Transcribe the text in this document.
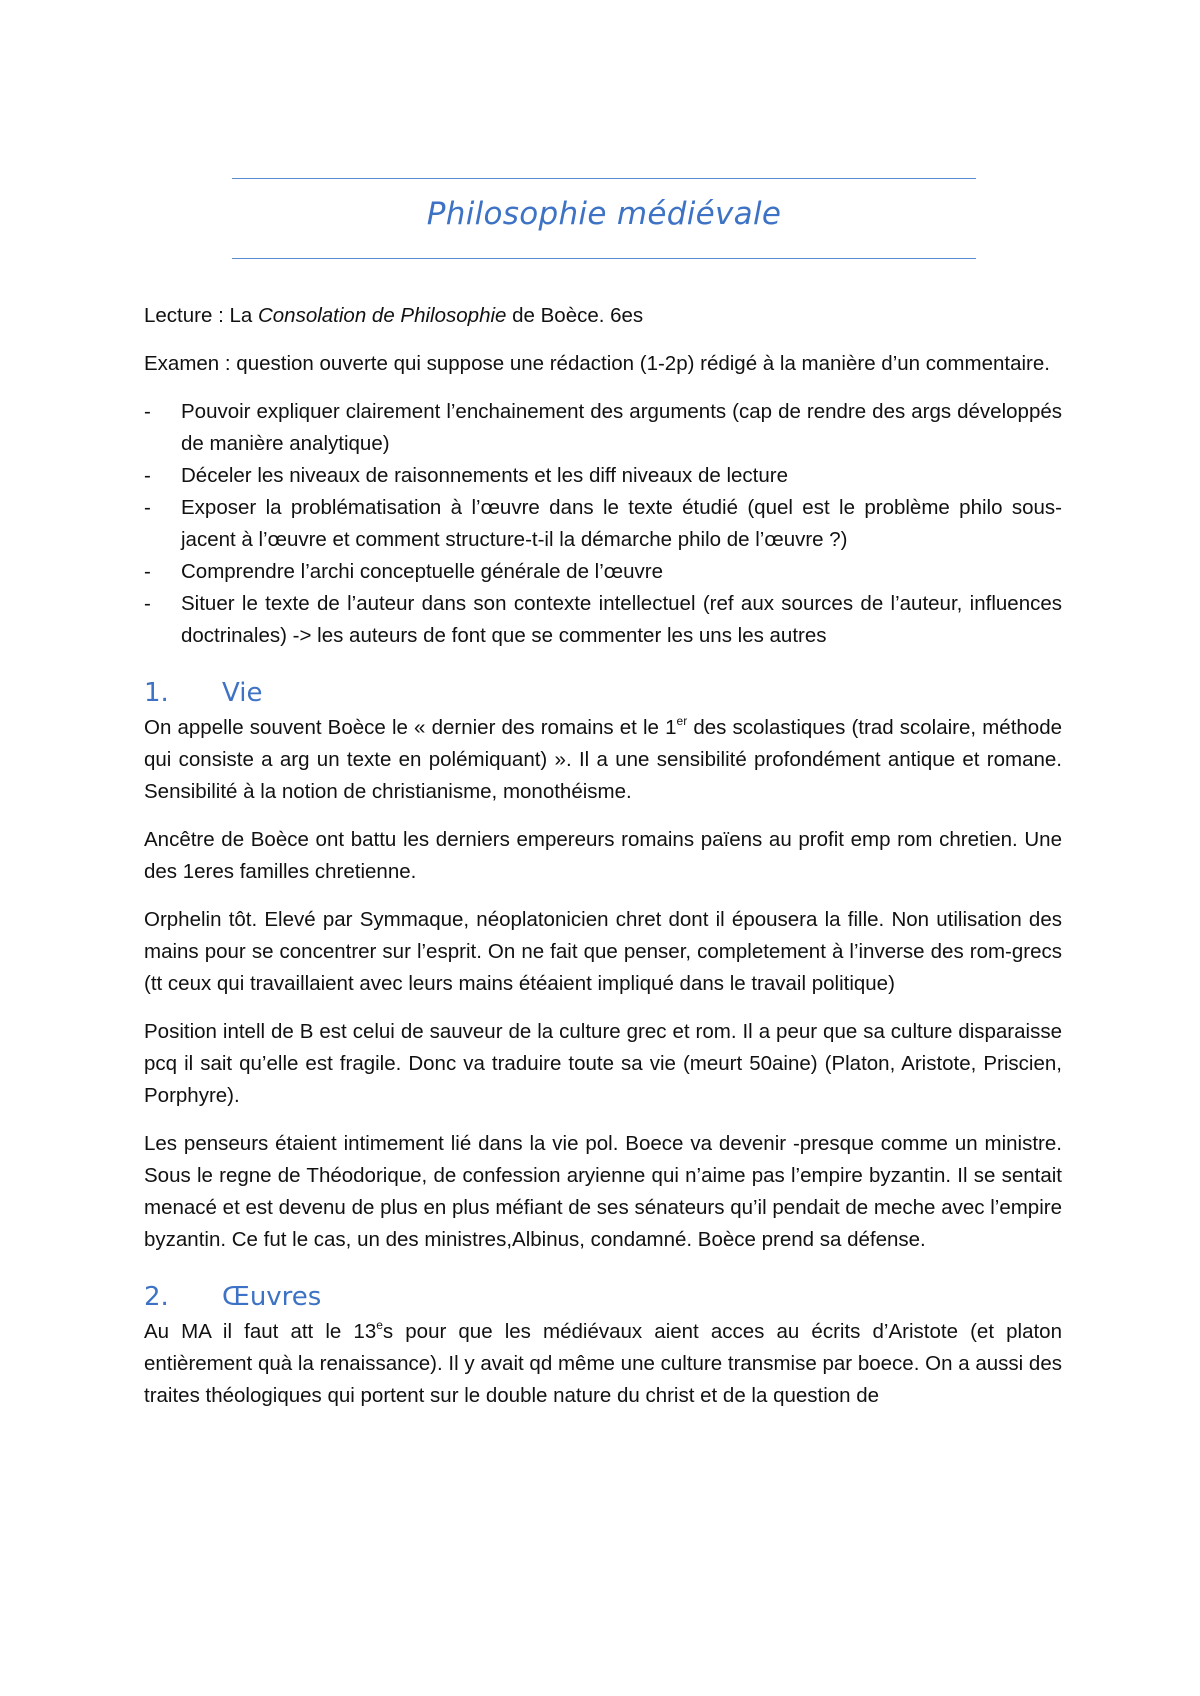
Philosophie médiévale

Lecture : La Consolation de Philosophie de Boèce. 6es

Examen : question ouverte qui suppose une rédaction (1-2p) rédigé à la manière d’un commentaire.

- Pouvoir expliquer clairement l’enchainement des arguments (cap de rendre des args développés de manière analytique)
- Déceler les niveaux de raisonnements et les diff niveaux de lecture
- Exposer la problématisation à l’œuvre dans le texte étudié (quel est le problème philo sous-jacent à l’œuvre et comment structure-t-il la démarche philo de l’œuvre ?)
- Comprendre l’archi conceptuelle générale de l’œuvre
- Situer le texte de l’auteur dans son contexte intellectuel (ref aux sources de l’auteur, influences doctrinales) -> les auteurs de font que se commenter les uns les autres
1. Vie

On appelle souvent Boèce le « dernier des romains et le 1er des scolastiques (trad scolaire, méthode qui consiste a arg un texte en polémiquant) ». Il a une sensibilité profondément antique et romane. Sensibilité à la notion de christianisme, monothéisme.

Ancêtre de Boèce ont battu les derniers empereurs romains païens au profit emp rom chretien. Une des 1eres familles chretienne.

Orphelin tôt. Elevé par Symmaque, néoplatonicien chret dont il épousera la fille. Non utilisation des mains pour se concentrer sur l’esprit. On ne fait que penser, completement à l’inverse des rom-grecs (tt ceux qui travaillaient avec leurs mains étéaient impliqué dans le travail politique)

Position intell de B est celui de sauveur de la culture grec et rom. Il a peur que sa culture disparaisse pcq il sait qu’elle est fragile. Donc va traduire toute sa vie (meurt 50aine) (Platon, Aristote, Priscien, Porphyre).

Les penseurs étaient intimement lié dans la vie pol. Boece va devenir -presque comme un ministre. Sous le regne de Théodorique, de confession aryienne qui n’aime pas l’empire byzantin. Il se sentait menacé et est devenu de plus en plus méfiant de ses sénateurs qu’il pendait de meche avec l’empire byzantin. Ce fut le cas, un des ministres,Albinus, condamné. Boèce prend sa défense.

2. Œuvres

Au MA il faut att le 13es pour que les médiévaux aient acces au écrits d’Aristote (et platon entièrement quà la renaissance). Il y avait qd même une culture transmise par boece. On a aussi des traites théologiques qui portent sur le double nature du christ et de la question de
